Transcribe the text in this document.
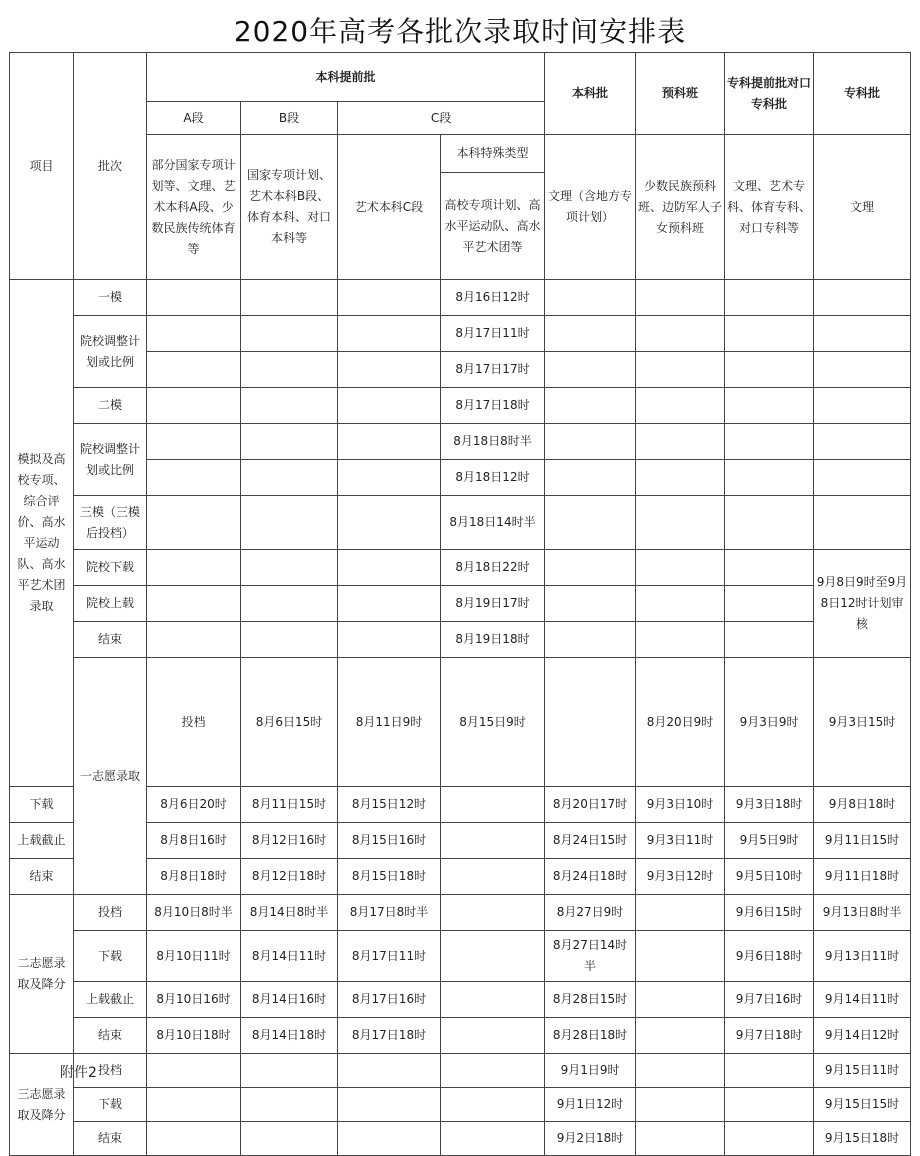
2020年高考各批次录取时间安排表
项目	批次	本科提前批				本科批	预科班	专科提前批对口专科批	专科批	
		A段	B段	C段						
		部分国家专项计划等、文理、艺术本科A段、少数民族传统体育等	国家专项计划、艺术本科B段、体育本科、对口本科等	艺术本科C段	本科特殊类型	文理（含地方专项计划）	少数民族预科班、边防军人子女预科班	文理、艺术专科、体育专科、对口专科等	文理	
					高校专项计划、高水平运动队、高水平艺术团等					
模拟及高校专项、综合评价、高水平运动队、高水平艺术团录取	一模				8月16日12时					
	院校调整计划或比例				8月17日11时					
					8月17日17时					
	二模				8月17日18时					
	院校调整计划或比例				8月18日8时半					
					8月18日12时					
	三模（三模后投档）				8月18日14时半					
	院校下载				8月18日22时				9月8日9时至9月8日12时计划审核	
	院校上载				8月19日17时					
	结束				8月19日18时					
	一志愿录取	投档	8月6日15时	8月11日9时	8月15日9时		8月20日9时	9月3日9时	9月3日15时	
下载		8月6日20时	8月11日15时	8月15日12时		8月20日17时	9月3日10时	9月3日18时	9月8日18时	
上载截止		8月8日16时	8月12日16时	8月15日16时		8月24日15时	9月3日11时	9月5日9时	9月11日15时	
结束		8月8日18时	8月12日18时	8月15日18时		8月24日18时	9月3日12时	9月5日10时	9月11日18时	
二志愿录取及降分	投档	8月10日8时半	8月14日8时半	8月17日8时半		8月27日9时		9月6日15时	9月13日8时半	
	下载	8月10日11时	8月14日11时	8月17日11时		8月27日14时半		9月6日18时	9月13日11时	
	上载截止	8月10日16时	8月14日16时	8月17日16时		8月28日15时		9月7日16时	9月14日11时	
	结束	8月10日18时	8月14日18时	8月17日18时		8月28日18时		9月7日18时	9月14日12时	
三志愿录取及降分	投档					9月1日9时			9月15日11时	
	下载					9月1日12时			9月15日15时	
	结束					9月2日18时			9月15日18时	
附件2
